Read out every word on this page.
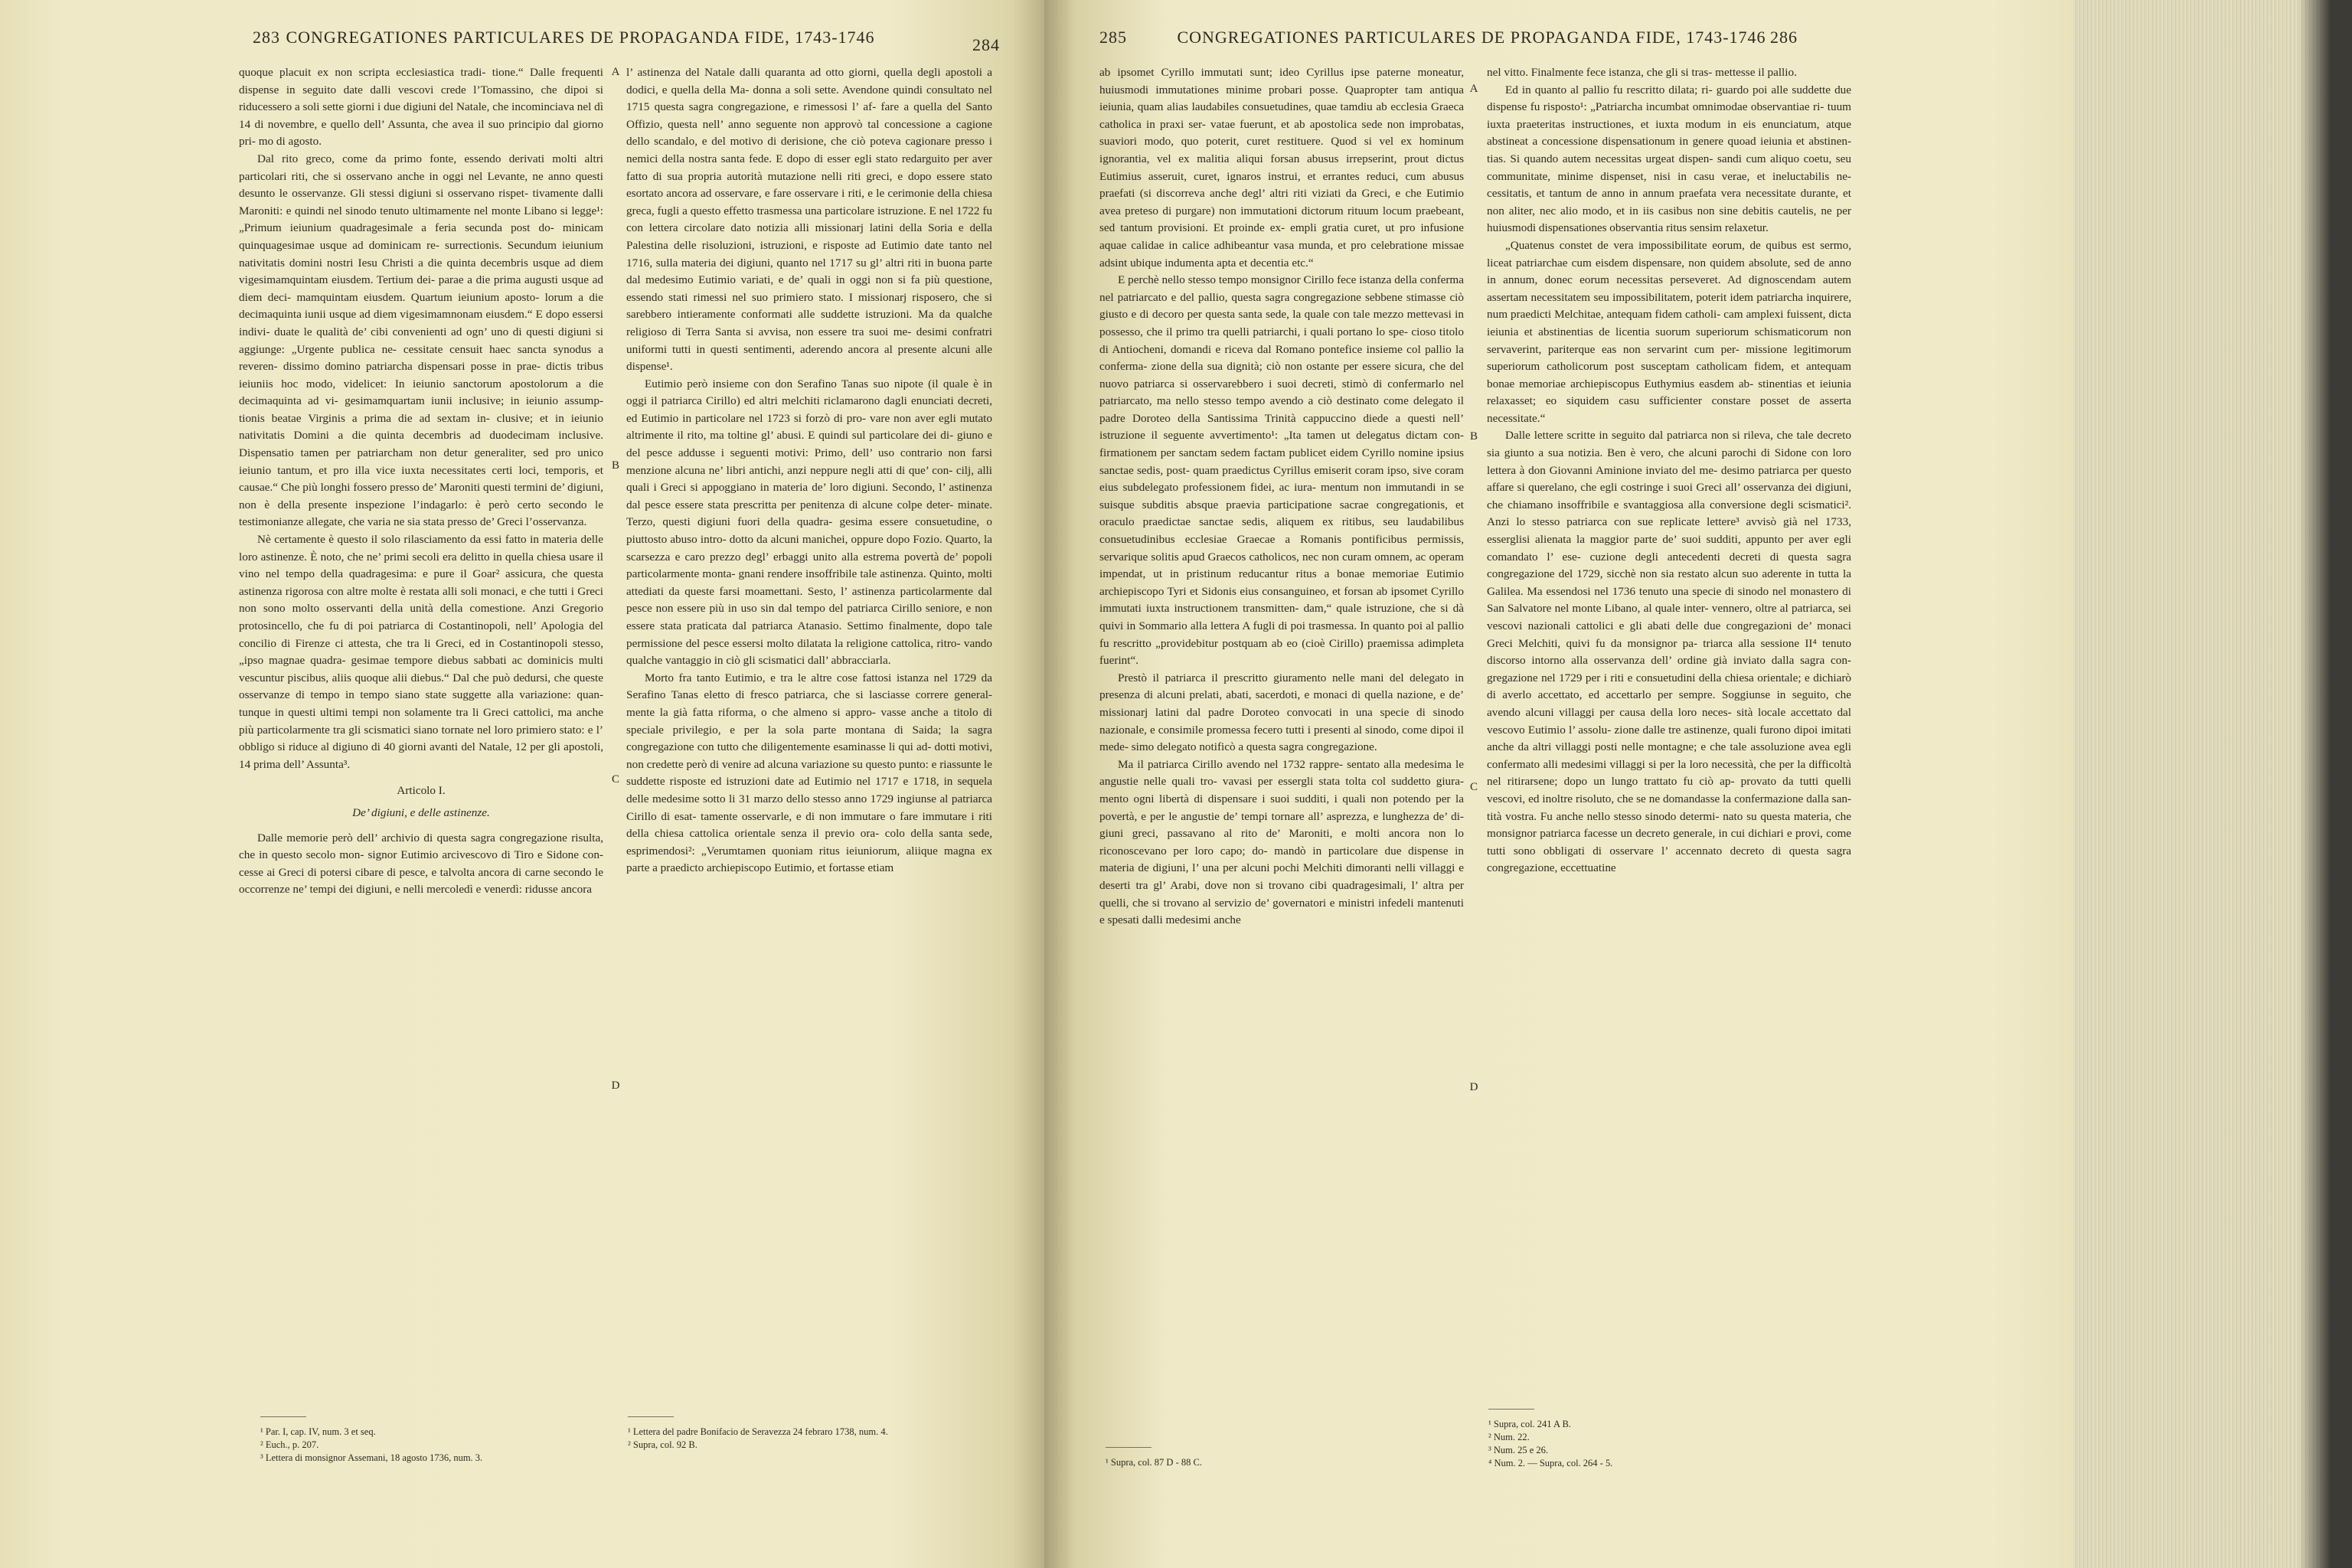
283 CONGREGATIONES PARTICULARES DE PROPAGANDA FIDE, 1743-1746	284

quoque placuit ex non scripta ecclesiastica tradi- tione.“ Dalle frequenti dispense in seguito date dalli vescovi crede l’Tomassino, che dipoi si riducessero a soli sette giorni i due digiuni del Natale, che incominciava nel dì 14 di novembre, e quello dell’ Assunta, che avea il suo principio dal giorno pri- mo di agosto.

Dal rito greco, come da primo fonte, essendo derivati molti altri particolari riti, che si osservano anche in oggi nel Levante, ne anno questi desunto le osservanze. Gli stessi digiuni si osservano rispet- tivamente dalli Maroniti: e quindi nel sinodo tenuto ultimamente nel monte Libano si legge¹: „Primum ieiunium quadragesimale a feria secunda post do- minicam quinquagesimae usque ad dominicam re- surrectionis. Secundum ieiunium nativitatis domini nostri Iesu Christi a die quinta decembris usque ad diem vigesimamquintam eiusdem. Tertium dei- parae a die prima augusti usque ad diem deci- mamquintam eiusdem. Quartum ieiunium aposto- lorum a die decimaquinta iunii usque ad diem vigesimamnonam eiusdem.“ E dopo essersi indivi- duate le qualità de’ cibi convenienti ad ogn’ uno di questi digiuni si aggiunge: „Urgente publica ne- cessitate censuit haec sancta synodus a reveren- dissimo domino patriarcha dispensari posse in prae- dictis tribus ieiuniis hoc modo, videlicet: In ieiunio sanctorum apostolorum a die decimaquinta ad vi- gesimamquartam iunii inclusive; in ieiunio assump- tionis beatae Virginis a prima die ad sextam in- clusive; et in ieiunio nativitatis Domini a die quinta decembris ad duodecimam inclusive. Dispensatio tamen per patriarcham non detur generaliter, sed pro unico ieiunio tantum, et pro illa vice iuxta necessitates certi loci, temporis, et causae.“ Che più longhi fossero presso de’ Maroniti questi termini de’ digiuni, non è della presente inspezione l’indagarlo: è però certo secondo le testimonianze allegate, che varia ne sia stata presso de’ Greci l’osservanza.

Nè certamente è questo il solo rilasciamento da essi fatto in materia delle loro astinenze. È noto, che ne’ primi secoli era delitto in quella chiesa usare il vino nel tempo della quadragesima: e pure il Goar² assicura, che questa astinenza rigorosa con altre molte è restata alli soli monaci, e che tutti i Greci non sono molto osservanti della unità della comestione. Anzi Gregorio protosincello, che fu di poi patriarca di Costantinopoli, nell’ Apologia del concilio di Firenze ci attesta, che tra li Greci, ed in Costantinopoli stesso, „ipso magnae quadra- gesimae tempore diebus sabbati ac dominicis multi vescuntur piscibus, aliis quoque alii diebus.“ Dal che può dedursi, che queste osservanze di tempo in tempo siano state suggette alla variazione: quan- tunque in questi ultimi tempi non solamente tra li Greci cattolici, ma anche più particolarmente tra gli scismatici siano tornate nel loro primiero stato: e l’ obbligo si riduce al digiuno di 40 giorni avanti del Natale, 12 per gli apostoli, 14 prima dell’ Assunta³.

Articolo I.

De’ digiuni, e delle astinenze.

Dalle memorie però dell’ archivio di questa sagra congregazione risulta, che in questo secolo mon- signor Eutimio arcivescovo di Tiro e Sidone con- cesse ai Greci di potersi cibare di pesce, e talvolta ancora di carne secondo le occorrenze ne’ tempi dei digiuni, e nelli mercoledì e venerdì: ridusse ancora

A
B
C
D

l’ astinenza del Natale dalli quaranta ad otto giorni, quella degli apostoli a dodici, e quella della Ma- donna a soli sette. Avendone quindi consultato nel 1715 questa sagra congregazione, e rimessosi l’ af- fare a quella del Santo Offizio, questa nell’ anno seguente non approvò tal concessione a cagione dello scandalo, e del motivo di derisione, che ciò poteva cagionare presso i nemici della nostra santa fede. E dopo di esser egli stato redarguito per aver fatto di sua propria autorità mutazione nelli riti greci, e dopo essere stato esortato ancora ad osservare, e fare osservare i riti, e le cerimonie della chiesa greca, fugli a questo effetto trasmessa una particolare istruzione. E nel 1722 fu con lettera circolare dato notizia alli missionarj latini della Soria e della Palestina delle risoluzioni, istruzioni, e risposte ad Eutimio date tanto nel 1716, sulla materia dei digiuni, quanto nel 1717 su gl’ altri riti in buona parte dal medesimo Eutimio variati, e de’ quali in oggi non si fa più questione, essendo stati rimessi nel suo primiero stato. I missionarj risposero, che si sarebbero intieramente conformati alle suddette istruzioni. Ma da qualche religioso di Terra Santa si avvisa, non essere tra suoi me- desimi confratri uniformi tutti in questi sentimenti, aderendo ancora al presente alcuni alle dispense¹.

Eutimio però insieme con don Serafino Tanas suo nipote (il quale è in oggi il patriarca Cirillo) ed altri melchiti riclamarono dagli enunciati decreti, ed Eutimio in particolare nel 1723 si forzò di pro- vare non aver egli mutato altrimente il rito, ma toltine gl’ abusi. E quindi sul particolare dei di- giuno e del pesce addusse i seguenti motivi: Primo, dell’ uso contrario non farsi menzione alcuna ne’ libri antichi, anzi neppure negli atti di que’ con- cilj, alli quali i Greci si appoggiano in materia de’ loro digiuni. Secondo, l’ astinenza dal pesce essere stata prescritta per penitenza di alcune colpe deter- minate. Terzo, questi digiuni fuori della quadra- gesima essere consuetudine, o piuttosto abuso intro- dotto da alcuni manichei, oppure dopo Fozio. Quarto, la scarsezza e caro prezzo degl’ erbaggi unito alla estrema povertà de’ popoli particolarmente monta- gnani rendere insoffribile tale astinenza. Quinto, molti attediati da queste farsi moamettani. Sesto, l’ astinenza particolarmente dal pesce non essere più in uso sin dal tempo del patriarca Cirillo seniore, e non essere stata praticata dal patriarca Atanasio. Settimo finalmente, dopo tale permissione del pesce essersi molto dilatata la religione cattolica, ritro- vando qualche vantaggio in ciò gli scismatici dall’ abbracciarla.

Morto fra tanto Eutimio, e tra le altre cose fattosi istanza nel 1729 da Serafino Tanas eletto di fresco patriarca, che si lasciasse correre general- mente la già fatta riforma, o che almeno si appro- vasse anche a titolo di speciale privilegio, e per la sola parte montana di Saida; la sagra congregazione con tutto che diligentemente esaminasse li qui ad- dotti motivi, non credette però di venire ad alcuna variazione su questo punto: e riassunte le suddette risposte ed istruzioni date ad Eutimio nel 1717 e 1718, in sequela delle medesime sotto li 31 marzo dello stesso anno 1729 ingiunse al patriarca Cirillo di esat- tamente osservarle, e di non immutare o fare immutare i riti della chiesa cattolica orientale senza il previo ora- colo della santa sede, esprimendosi²: „Verumtamen quoniam ritus ieiuniorum, aliique magna ex parte a praedicto archiepiscopo Eutimio, et fortasse etiam

¹ Par. I, cap. IV, num. 3 et seq.
² Euch., p. 207.
³ Lettera di monsignor Assemani, 18 agosto 1736, num. 3.
¹ Lettera del padre Bonifacio de Seravezza 24 febraro 1738, num. 4.
² Supra, col. 92 B.
285	CONGREGATIONES PARTICULARES DE PROPAGANDA FIDE, 1743-1746 286

ab ipsomet Cyrillo immutati sunt; ideo Cyrillus ipse paterne moneatur, huiusmodi immutationes minime probari posse. Quapropter tam antiqua ieiunia, quam alias laudabiles consuetudines, quae tamdiu ab ecclesia Graeca catholica in praxi ser- vatae fuerunt, et ab apostolica sede non improbatas, suaviori modo, quo poterit, curet restituere. Quod si vel ex hominum ignorantia, vel ex malitia aliqui forsan abusus irrepserint, prout dictus Eutimius asseruit, curet, ignaros instrui, et errantes reduci, cum abusus praefati (si discorreva anche degl’ altri riti viziati da Greci, e che Eutimio avea preteso di purgare) non immutationi dictorum rituum locum praebeant, sed tantum provisioni. Et proinde ex- empli gratia curet, ut pro infusione aquae calidae in calice adhibeantur vasa munda, et pro celebratione missae adsint ubique indumenta apta et decentia etc.“

E perchè nello stesso tempo monsignor Cirillo fece istanza della conferma nel patriarcato e del pallio, questa sagra congregazione sebbene stimasse ciò giusto e di decoro per questa santa sede, la quale con tale mezzo mettevasi in possesso, che il primo tra quelli patriarchi, i quali portano lo spe- cioso titolo di Antiocheni, domandi e riceva dal Romano pontefice insieme col pallio la conferma- zione della sua dignità; ciò non ostante per essere sicura, che del nuovo patriarca si osservarebbero i suoi decreti, stimò di confermarlo nel patriarcato, ma nello stesso tempo avendo a ciò destinato come delegato il padre Doroteo della Santissima Trinità cappuccino diede a questi nell’ istruzione il seguente avvertimento¹: „Ita tamen ut delegatus dictam con- firmationem per sanctam sedem factam publicet eidem Cyrillo nomine ipsius sanctae sedis, post- quam praedictus Cyrillus emiserit coram ipso, sive coram eius subdelegato professionem fidei, ac iura- mentum non immutandi in se suisque subditis absque praevia participatione sacrae congregationis, et oraculo praedictae sanctae sedis, aliquem ex ritibus, seu laudabilibus consuetudinibus ecclesiae Graecae a Romanis pontificibus permissis, servarique solitis apud Graecos catholicos, nec non curam omnem, ac operam impendat, ut in pristinum reducantur ritus a bonae memoriae Eutimio archiepiscopo Tyri et Sidonis eius consanguineo, et forsan ab ipsomet Cyrillo immutati iuxta instructionem transmitten- dam,“ quale istruzione, che si dà quivi in Sommario alla lettera A fugli di poi trasmessa. In quanto poi al pallio fu rescritto „providebitur postquam ab eo (cioè Cirillo) praemissa adimpleta fuerint“.

Prestò il patriarca il prescritto giuramento nelle mani del delegato in presenza di alcuni prelati, abati, sacerdoti, e monaci di quella nazione, e de’ missionarj latini dal padre Doroteo convocati in una specie di sinodo nazionale, e consimile promessa fecero tutti i presenti al sinodo, come dipoi il mede- simo delegato notificò a questa sagra congregazione.

Ma il patriarca Cirillo avendo nel 1732 rappre- sentato alla medesima le angustie nelle quali tro- vavasi per essergli stata tolta col suddetto giura- mento ogni libertà di dispensare i suoi sudditi, i quali non potendo per la povertà, e per le angustie de’ tempi tornare all’ asprezza, e lunghezza de’ di- giuni greci, passavano al rito de’ Maroniti, e molti ancora non lo riconoscevano per loro capo; do- mandò in particolare due dispense in materia de digiuni, l’ una per alcuni pochi Melchiti dimoranti nelli villaggi e deserti tra gl’ Arabi, dove non si trovano cibi quadragesimali, l’ altra per quelli, che si trovano al servizio de’ governatori e ministri infedeli mantenuti e spesati dalli medesimi anche

A
B
C
D

nel vitto. Finalmente fece istanza, che gli si tras- mettesse il pallio.

Ed in quanto al pallio fu rescritto dilata; ri- guardo poi alle suddette due dispense fu risposto¹: „Patriarcha incumbat omnimodae observantiae ri- tuum iuxta praeteritas instructiones, et iuxta modum in eis enunciatum, atque abstineat a concessione dispensationum in genere quoad ieiunia et abstinen- tias. Si quando autem necessitas urgeat dispen- sandi cum aliquo coetu, seu communitate, minime dispenset, nisi in casu verae, et ineluctabilis ne- cessitatis, et tantum de anno in annum praefata vera necessitate durante, et non aliter, nec alio modo, et in iis casibus non sine debitis cautelis, ne per huiusmodi dispensationes observantia ritus sensim relaxetur.

„Quatenus constet de vera impossibilitate eorum, de quibus est sermo, liceat patriarchae cum eisdem dispensare, non quidem absolute, sed de anno in annum, donec eorum necessitas perseveret. Ad dignoscendam autem assertam necessitatem seu impossibilitatem, poterit idem patriarcha inquirere, num praedicti Melchitae, antequam fidem catholi- cam amplexi fuissent, dicta ieiunia et abstinentias de licentia suorum superiorum schismaticorum non servaverint, pariterque eas non servarint cum per- missione legitimorum superiorum catholicorum post susceptam catholicam fidem, et antequam bonae memoriae archiepiscopus Euthymius easdem ab- stinentias et ieiunia relaxasset; eo siquidem casu sufficienter constare posset de asserta necessitate.“

Dalle lettere scritte in seguito dal patriarca non si rileva, che tale decreto sia giunto a sua notizia. Ben è vero, che alcuni parochi di Sidone con loro lettera à don Giovanni Aminione inviato del me- desimo patriarca per questo affare si querelano, che egli costringe i suoi Greci all’ osservanza dei digiuni, che chiamano insoffribile e svantaggiosa alla conversione degli scismatici². Anzi lo stesso patriarca con sue replicate lettere³ avvisò già nel 1733, esserglisi alienata la maggior parte de’ suoi sudditi, appunto per aver egli comandato l’ ese- cuzione degli antecedenti decreti di questa sagra congregazione del 1729, sicchè non sia restato alcun suo aderente in tutta la Galilea. Ma essendosi nel 1736 tenuto una specie di sinodo nel monastero di San Salvatore nel monte Libano, al quale inter- vennero, oltre al patriarca, sei vescovi nazionali cattolici e gli abati delle due congregazioni de’ monaci Greci Melchiti, quivi fu da monsignor pa- triarca alla sessione II⁴ tenuto discorso intorno alla osservanza dell’ ordine già inviato dalla sagra con- gregazione nel 1729 per i riti e consuetudini della chiesa orientale; e dichiarò di averlo accettato, ed accettarlo per sempre. Soggiunse in seguito, che avendo alcuni villaggi per causa della loro neces- sità locale accettato dal vescovo Eutimio l’ assolu- zione dalle tre astinenze, quali furono dipoi imitati anche da altri villaggi posti nelle montagne; e che tale assoluzione avea egli confermato alli medesimi villaggi si per la loro necessità, che per la difficoltà nel ritirarsene; dopo un lungo trattato fu ciò ap- provato da tutti quelli vescovi, ed inoltre risoluto, che se ne domandasse la confermazione dalla san- tità vostra. Fu anche nello stesso sinodo determi- nato su questa materia, che monsignor patriarca facesse un decreto generale, in cui dichiari e provi, come tutti sono obbligati di osservare l’ accennato decreto di questa sagra congregazione, eccettuatine

¹ Supra, col. 87 D - 88 C.
¹ Supra, col. 241 A B.
² Num. 22.
³ Num. 25 e 26.
⁴ Num. 2. — Supra, col. 264 - 5.
